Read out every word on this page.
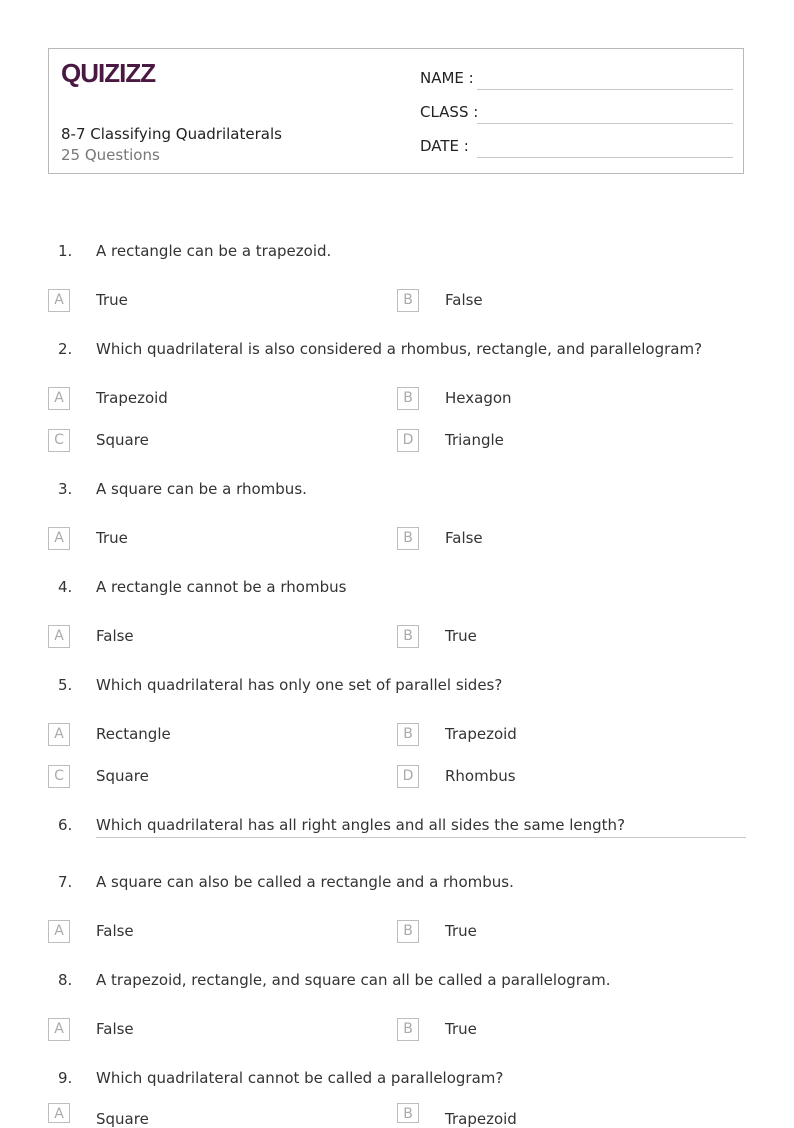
QUIZIZZ
8-7 Classifying Quadrilaterals
25 Questions
NAME :
CLASS :
DATE :
1. A rectangle can be a trapezoid.
A	True	B	False
2. Which quadrilateral is also considered a rhombus, rectangle, and parallelogram?
A	Trapezoid	B	Hexagon
C	Square	D	Triangle
3. A square can be a rhombus.
A	True	B	False
4. A rectangle cannot be a rhombus
A	False	B	True
5. Which quadrilateral has only one set of parallel sides?
A	Rectangle	B	Trapezoid
C	Square	D	Rhombus
6. Which quadrilateral has all right angles and all sides the same length?
7. A square can also be called a rectangle and a rhombus.
A	False	B	True
8. A trapezoid, rectangle, and square can all be called a parallelogram.
A	False	B	True
9. Which quadrilateral cannot be called a parallelogram?
A	Square	B	Trapezoid
